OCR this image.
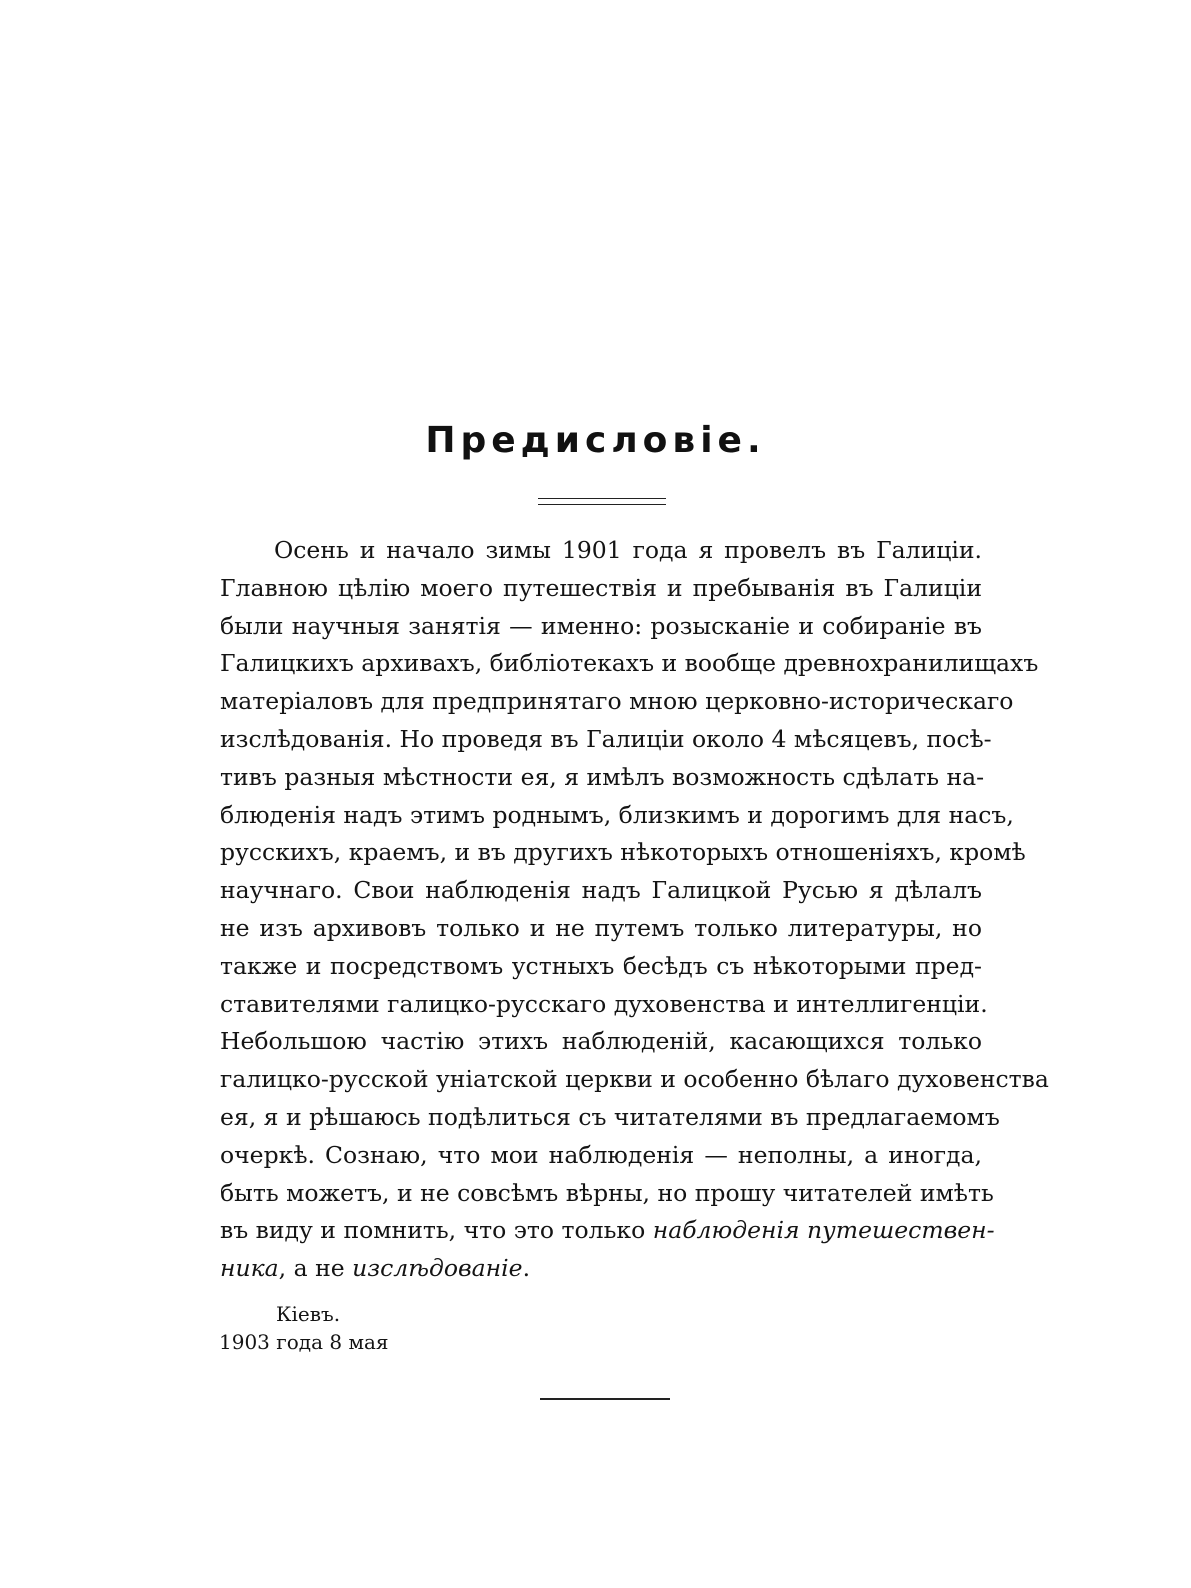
Предисловіе.
Осень и начало зимы 1901 года я провелъ въ Галиціи.
Главною цѣлію моего путешествія и пребыванія въ Галиціи
были научныя занятія — именно: розысканіе и собираніе въ
Галицкихъ архивахъ, библіотекахъ и вообще древнохранилищахъ
матеріаловъ для предпринятаго мною церковно-историческаго
изслѣдованія. Но проведя въ Галиціи около 4 мѣсяцевъ, посѣ-
тивъ разныя мѣстности ея, я имѣлъ возможность сдѣлать на-
блюденія надъ этимъ роднымъ, близкимъ и дорогимъ для насъ,
русскихъ, краемъ, и въ другихъ нѣкоторыхъ отношеніяхъ, кромѣ
научнаго. Свои наблюденія надъ Галицкой Русью я дѣлалъ
не изъ архивовъ только и не путемъ только литературы, но
также и посредствомъ устныхъ бесѣдъ съ нѣкоторыми пред-
ставителями галицко-русскаго духовенства и интеллигенціи.
Небольшою частію этихъ наблюденій, касающихся только
галицко-русской уніатской церкви и особенно бѣлаго духовенства
ея, я и рѣшаюсь подѣлиться съ читателями въ предлагаемомъ
очеркѣ. Сознаю, что мои наблюденія — неполны, а иногда,
быть можетъ, и не совсѣмъ вѣрны, но прошу читателей имѣть
въ виду и помнить, что это только наблюденія путешествен-
ника, а не изслѣдованіе.
Кіевъ.
1903 года 8 мая
